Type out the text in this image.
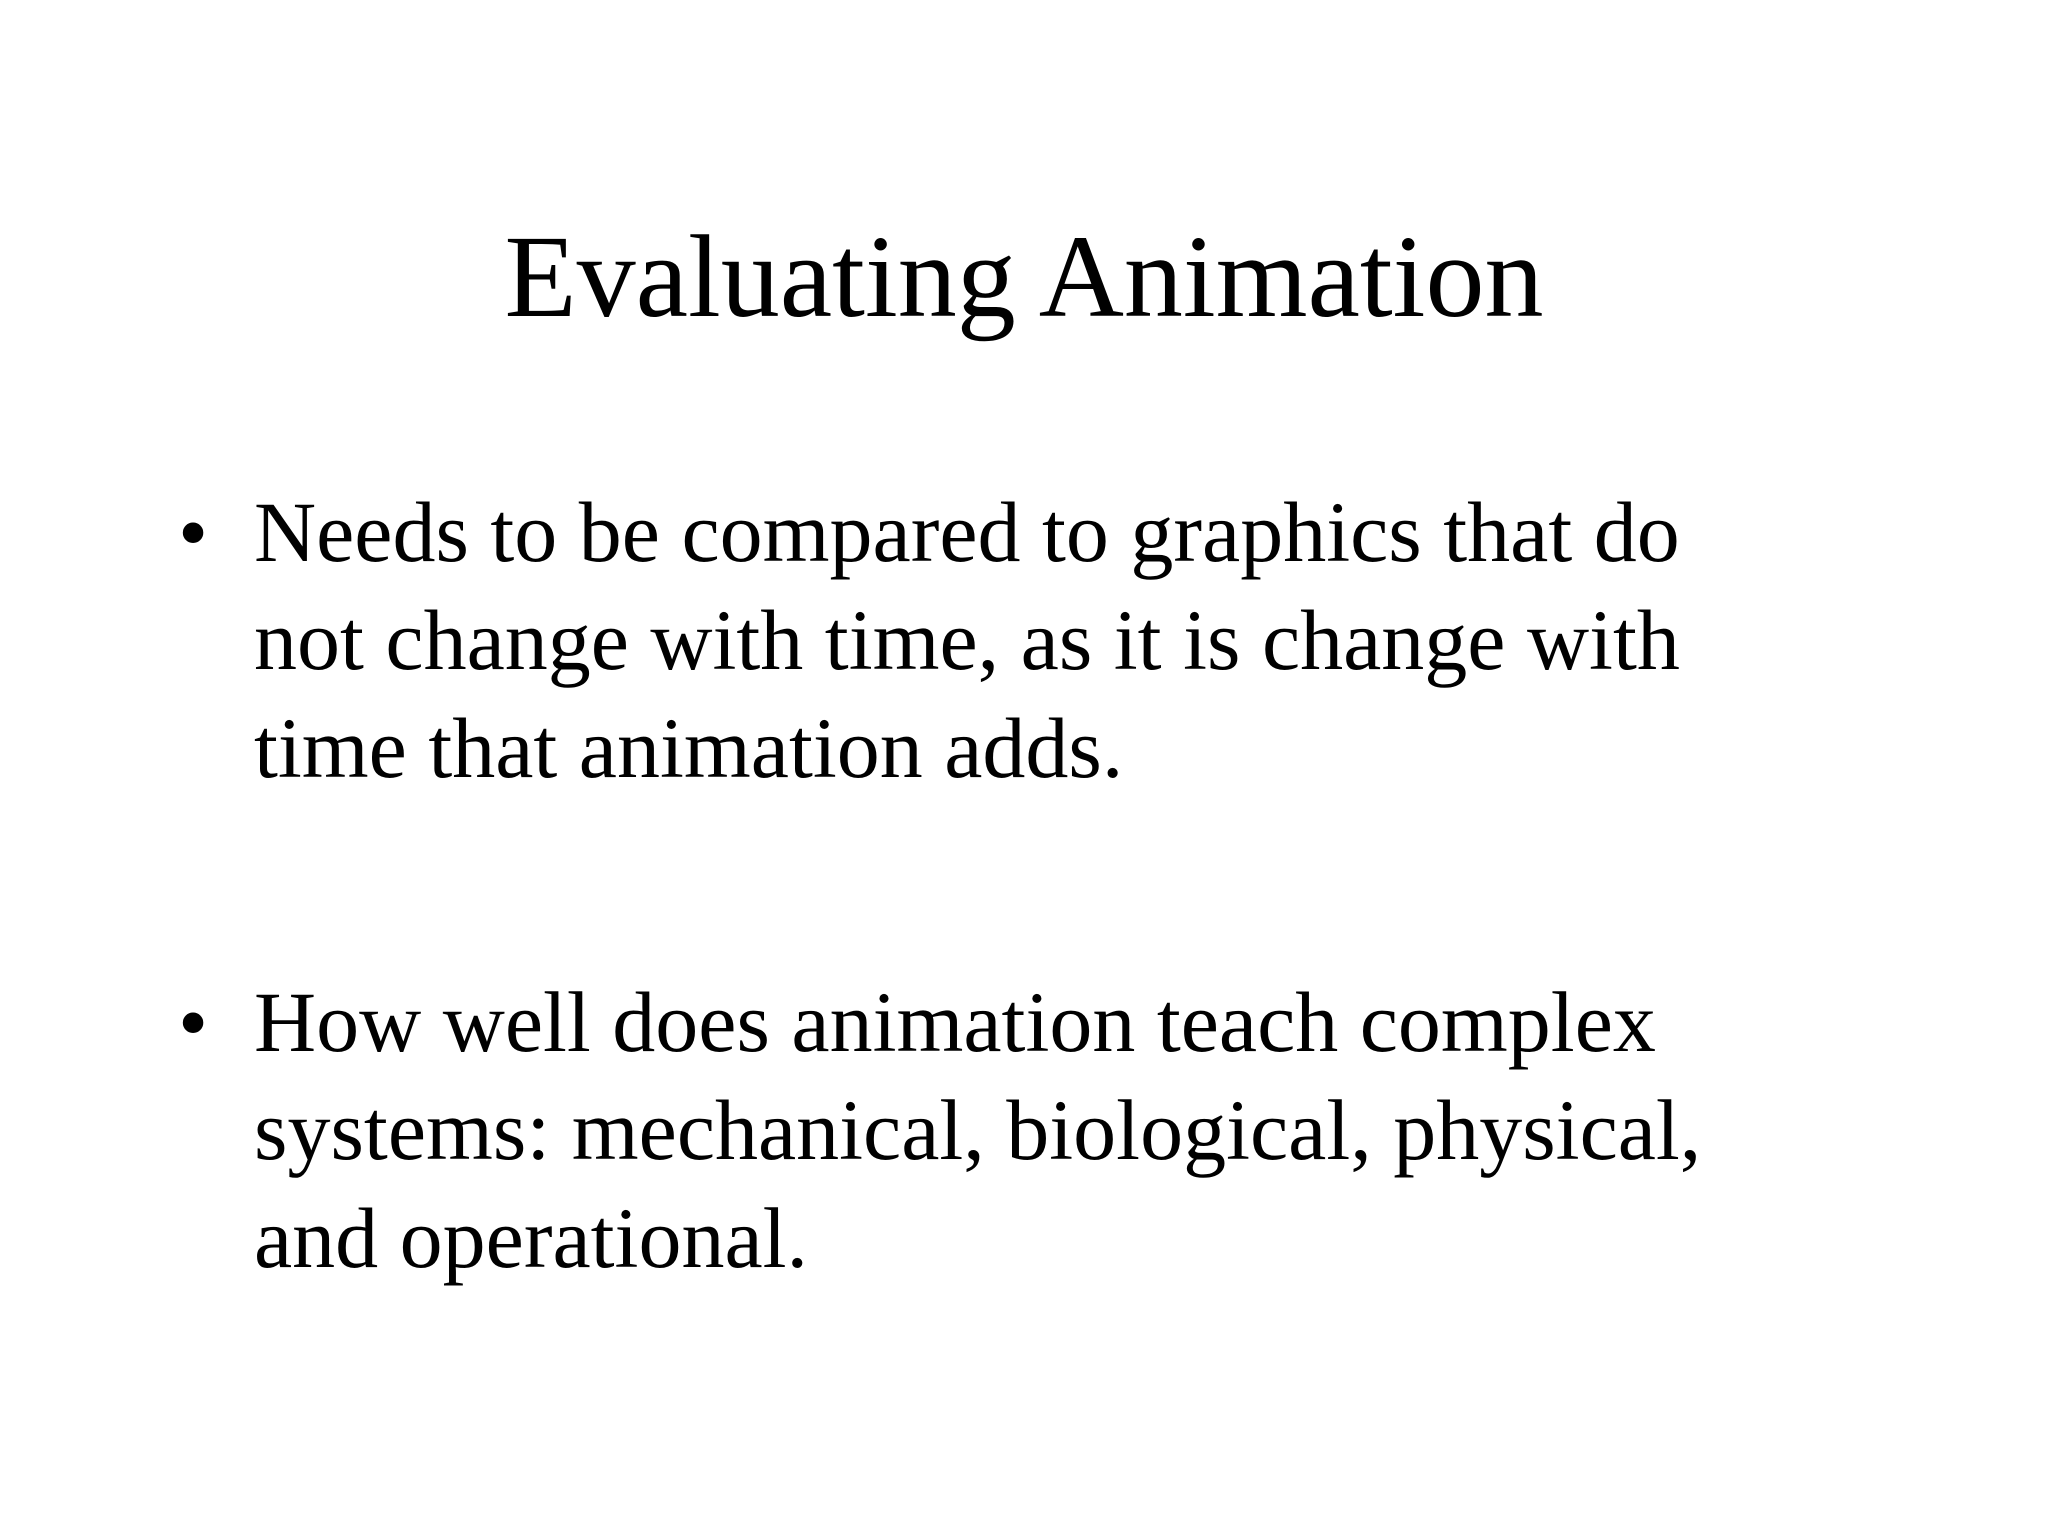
Evaluating Animation
• Needs to be compared to graphics that do
not change with time, as it is change with
time that animation adds.
• How well does animation teach complex
systems: mechanical, biological, physical,
and operational.
